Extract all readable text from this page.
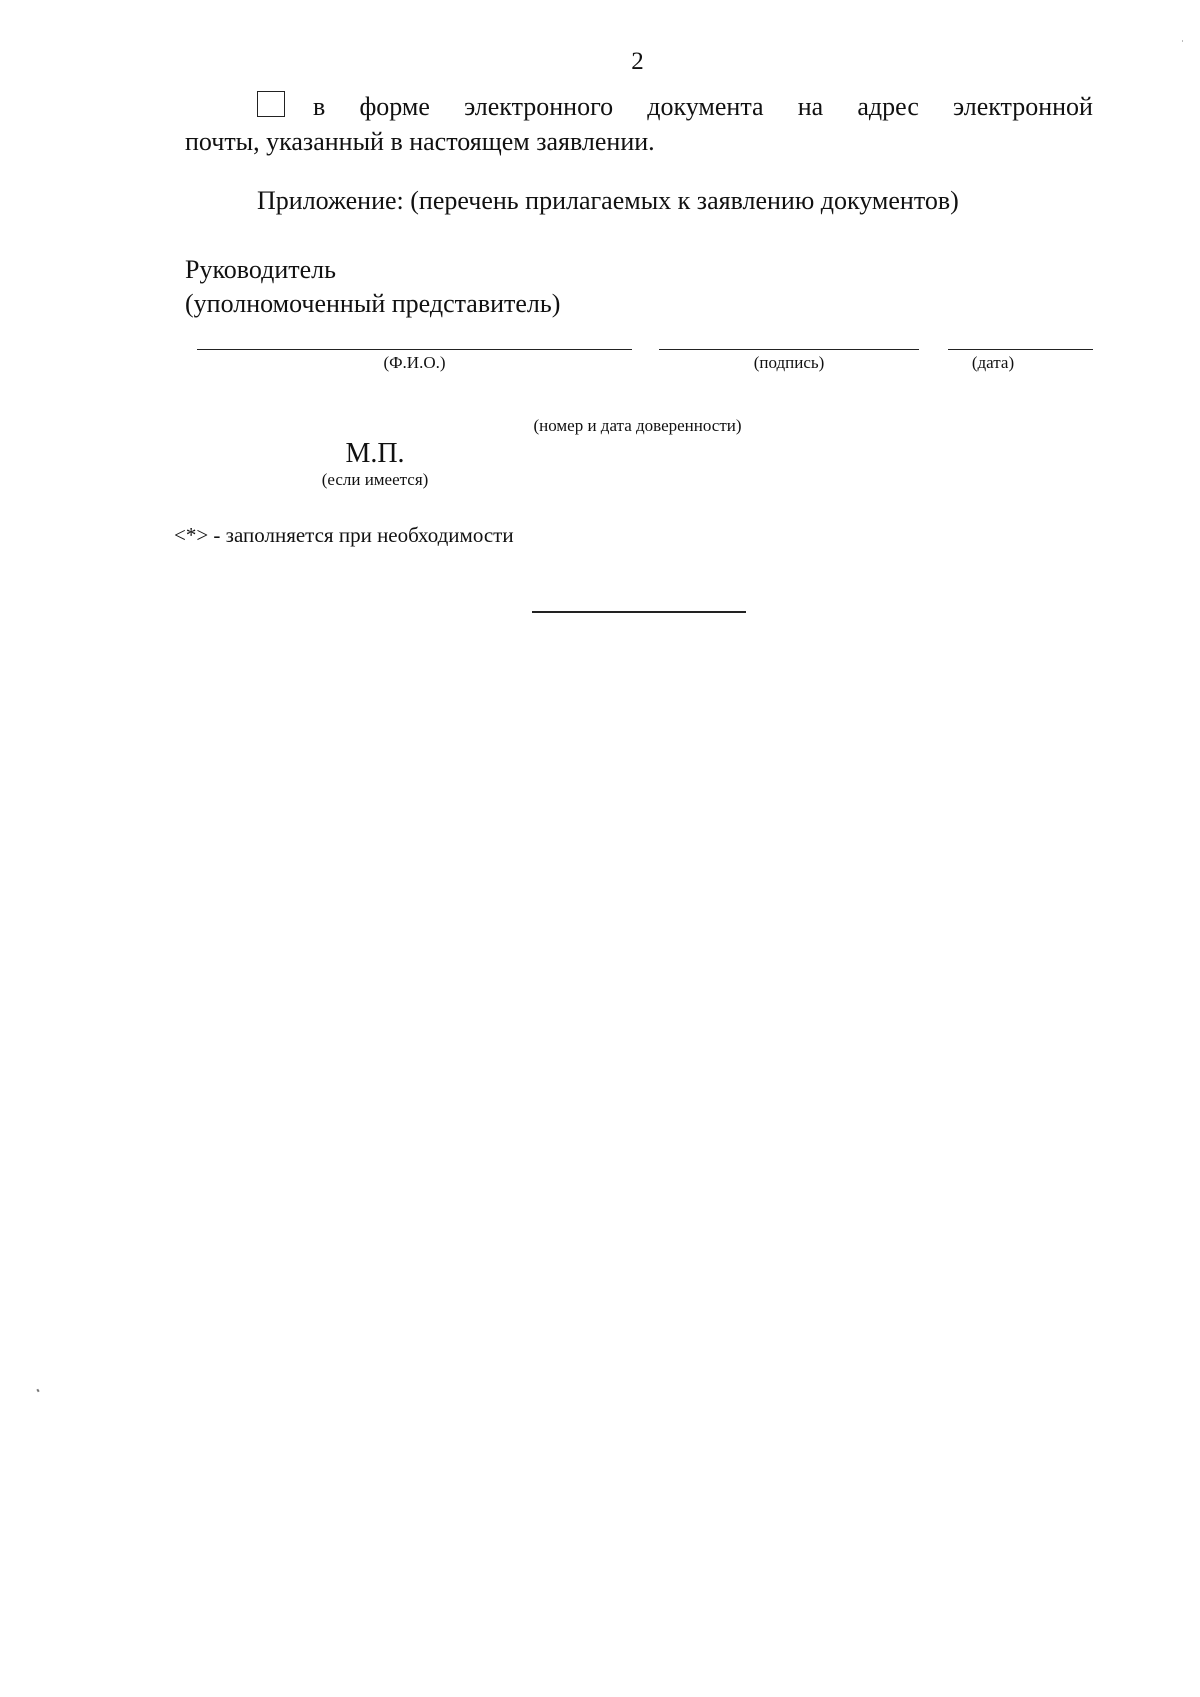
2
в форме электронного документа на адрес электронной
почты, указанный в настоящем заявлении.
Приложение: (перечень прилагаемых к заявлению документов)
Руководитель
(уполномоченный представитель)
(Ф.И.О.)	(подпись)	(дата)
(номер и дата доверенности)
М.П.
(если имеется)
<*> - заполняется при необходимости
